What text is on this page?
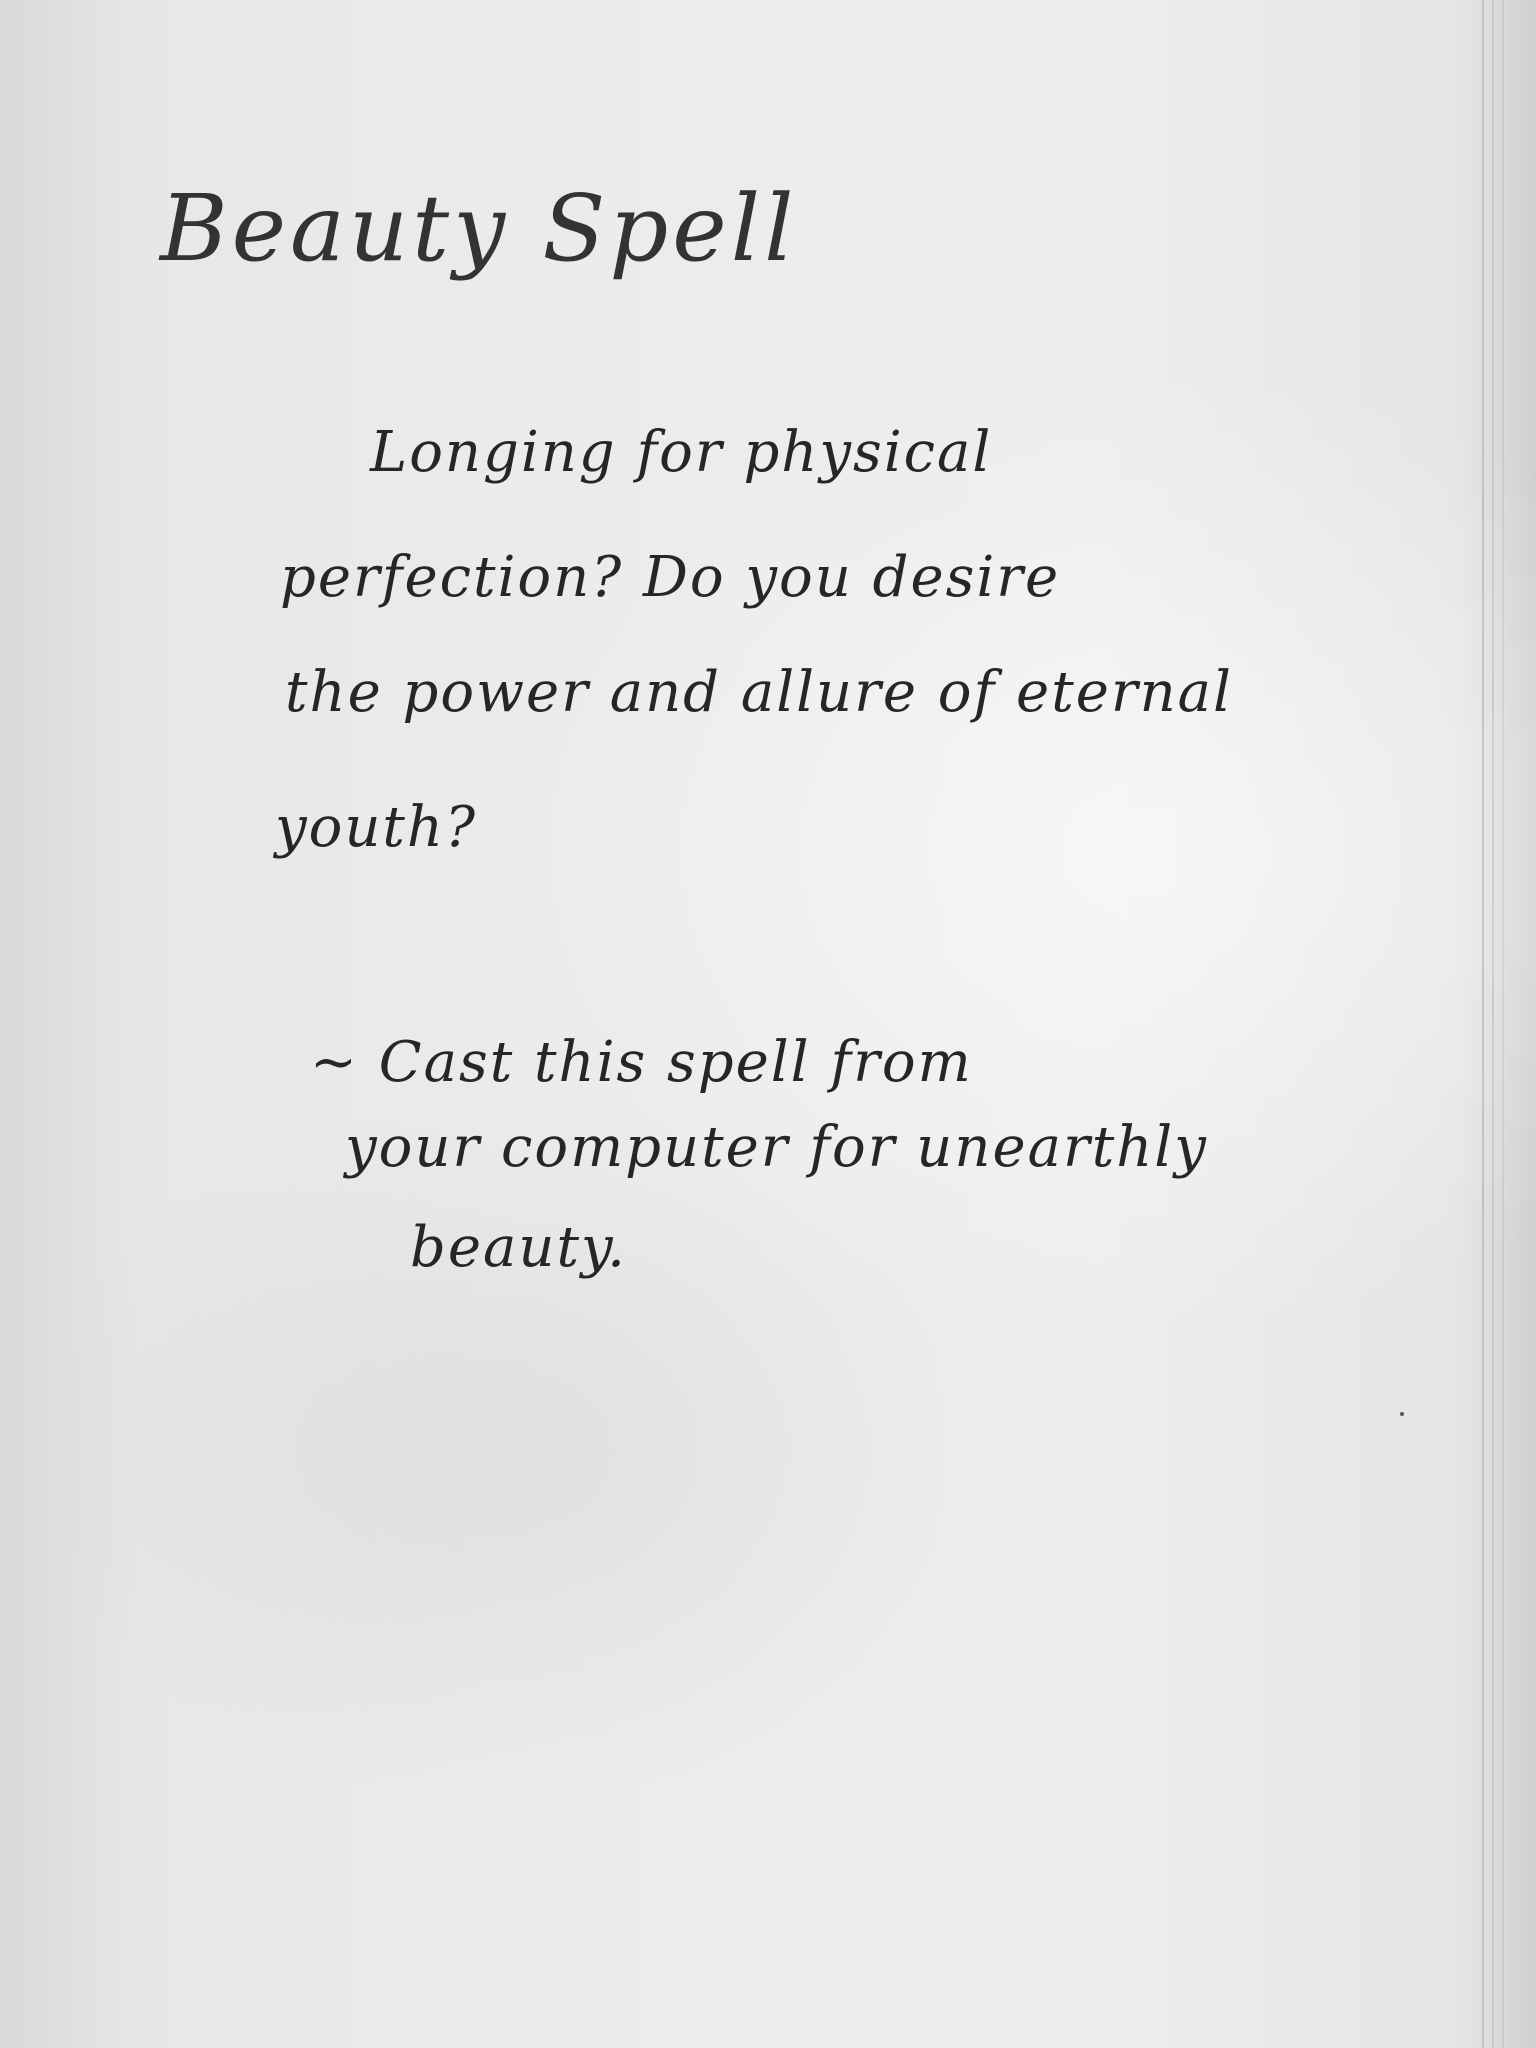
Beauty Spell

Longing for physical

perfection? Do you desire

the power and allure of eternal

youth?

~ Cast this spell from

your computer for unearthly

beauty.
